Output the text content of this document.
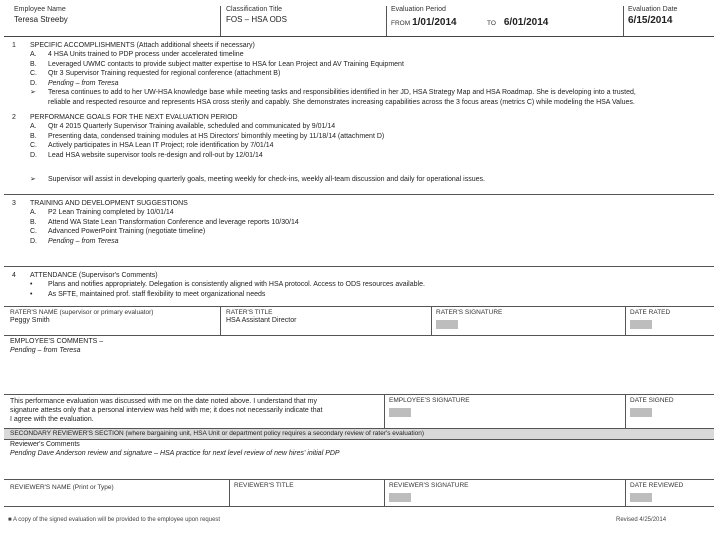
Employee Name
Teresa Streeby
Classification Title
FOS – HSA ODS
Evaluation Period
FROM 1/01/2014	TO 6/01/2014
Evaluation Date
6/15/2014
1 SPECIFIC ACCOMPLISHMENTS (Attach additional sheets if necessary)
A. 4 HSA Units trained to PDP process under accelerated timeline
B. Leveraged UWMC contacts to provide subject matter expertise to HSA for Lean Project and AV Training Equipment
C. Qtr 3 Supervisor Training requested for regional conference (attachment B)
D. Pending – from Teresa
➢ Teresa continues to add to her UW-HSA knowledge base while meeting tasks and responsibilities identified in her JD, HSA Strategy Map and HSA Roadmap. She is developing into a trusted,
reliable and respected resource and represents HSA cross sterily and capably. She demonstrates increasing capabilities across the 3 focus areas (metrics C) while modeling the HSA Values.
2 PERFORMANCE GOALS FOR THE NEXT EVALUATION PERIOD
A. Qtr 4 2015 Quarterly Supervisor Training available, scheduled and communicated by 9/01/14
B. Presenting data, condensed training modules at HS Directors' bimonthly meeting by 11/18/14 (attachment D)
C. Actively participates in HSA Lean IT Project; role identification by 7/01/14
D. Lead HSA website supervisor tools re-design and roll-out by 12/01/14
➢ Supervisor will assist in developing quarterly goals, meeting weekly for check-ins, weekly all-team discussion and daily for operational issues.
3 TRAINING AND DEVELOPMENT SUGGESTIONS
A. P2 Lean Training completed by 10/01/14
B. Attend WA State Lean Transformation Conference and leverage reports 10/30/14
C. Advanced PowerPoint Training (negotiate timeline)
D. Pending – from Teresa
4 ATTENDANCE (Supervisor's Comments)
• Plans and notifies appropriately. Delegation is consistently aligned with HSA protocol. Access to ODS resources available.
• As SFTE, maintained prof. staff flexibility to meet organizational needs
RATER'S NAME (supervisor or primary evaluator)
Peggy Smith
RATER'S TITLE
HSA Assistant Director
RATER'S SIGNATURE	DATE RATED
EMPLOYEE'S COMMENTS –
Pending – from Teresa
This performance evaluation was discussed with me on the date noted above. I understand that my
signature attests only that a personal interview was held with me; it does not necessarily indicate that
I agree with the evaluation.
EMPLOYEE'S SIGNATURE	DATE SIGNED
SECONDARY REVIEWER'S SECTION (where bargaining unit, HSA Unit or department policy requires a secondary review of rater's evaluation)
Reviewer's Comments
Pending Dave Anderson review and signature – HSA practice for next level review of new hires' initial PDP
REVIEWER'S NAME (Print or Type)	REVIEWER'S TITLE	REVIEWER'S SIGNATURE	DATE REVIEWED
■ A copy of the signed evaluation will be provided to the employee upon request	Revised 4/25/2014
